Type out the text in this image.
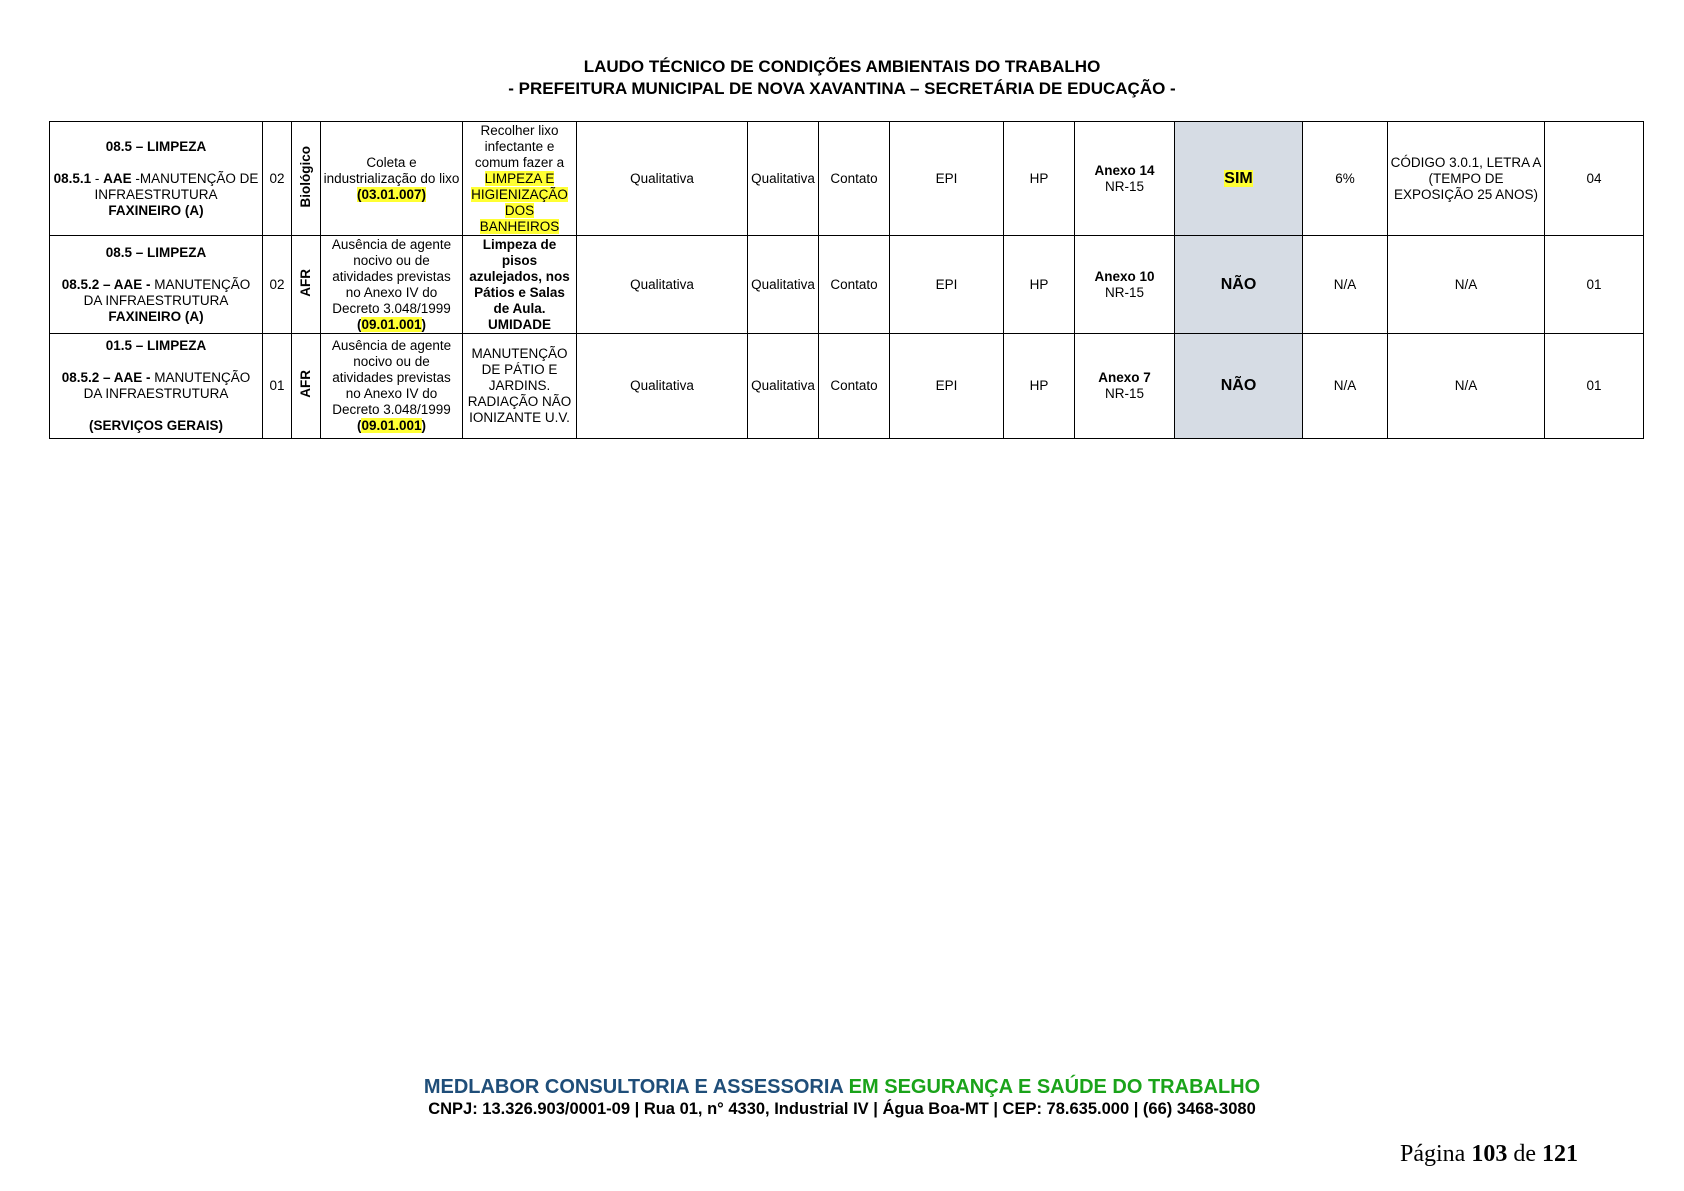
LAUDO TÉCNICO DE CONDIÇÕES AMBIENTAIS DO TRABALHO
- PREFEITURA MUNICIPAL DE NOVA XAVANTINA – SECRETÁRIA DE EDUCAÇÃO -
08.5 – LIMPEZA
08.5.1 - AAE -MANUTENÇÃO DE INFRAESTRUTURA
FAXINEIRO (A)	02	Biológico	Coleta e industrialização do lixo
(03.01.007)	Recolher lixo infectante e comum fazer a
LIMPEZA E HIGIENIZAÇÃO DOS BANHEIROS	Qualitativa	Qualitativa	Contato	EPI	HP	Anexo 14
NR-15	SIM	6%	CÓDIGO 3.0.1, LETRA A (TEMPO DE EXPOSIÇÃO 25 ANOS)	04

08.5 – LIMPEZA
08.5.2 – AAE - MANUTENÇÃO DA INFRAESTRUTURA
FAXINEIRO (A)	02	AFR	Ausência de agente nocivo ou de atividades previstas no Anexo IV do Decreto 3.048/1999
(09.01.001)	Limpeza de pisos azulejados, nos Pátios e Salas de Aula. UMIDADE	Qualitativa	Qualitativa	Contato	EPI	HP	Anexo 10
NR-15	NÃO	N/A	N/A	01

01.5 – LIMPEZA
08.5.2 – AAE - MANUTENÇÃO DA INFRAESTRUTURA
(SERVIÇOS GERAIS)	01	AFR	Ausência de agente nocivo ou de atividades previstas no Anexo IV do Decreto 3.048/1999
(09.01.001)	MANUTENÇÃO DE PÁTIO E JARDINS. RADIAÇÃO NÃO IONIZANTE U.V.	Qualitativa	Qualitativa	Contato	EPI	HP	Anexo 7
NR-15	NÃO	N/A	N/A	01
MEDLABOR CONSULTORIA E ASSESSORIA EM SEGURANÇA E SAÚDE DO TRABALHO
CNPJ: 13.326.903/0001-09 | Rua 01, n° 4330, Industrial IV | Água Boa-MT | CEP: 78.635.000 | (66) 3468-3080
Página 103 de 121
